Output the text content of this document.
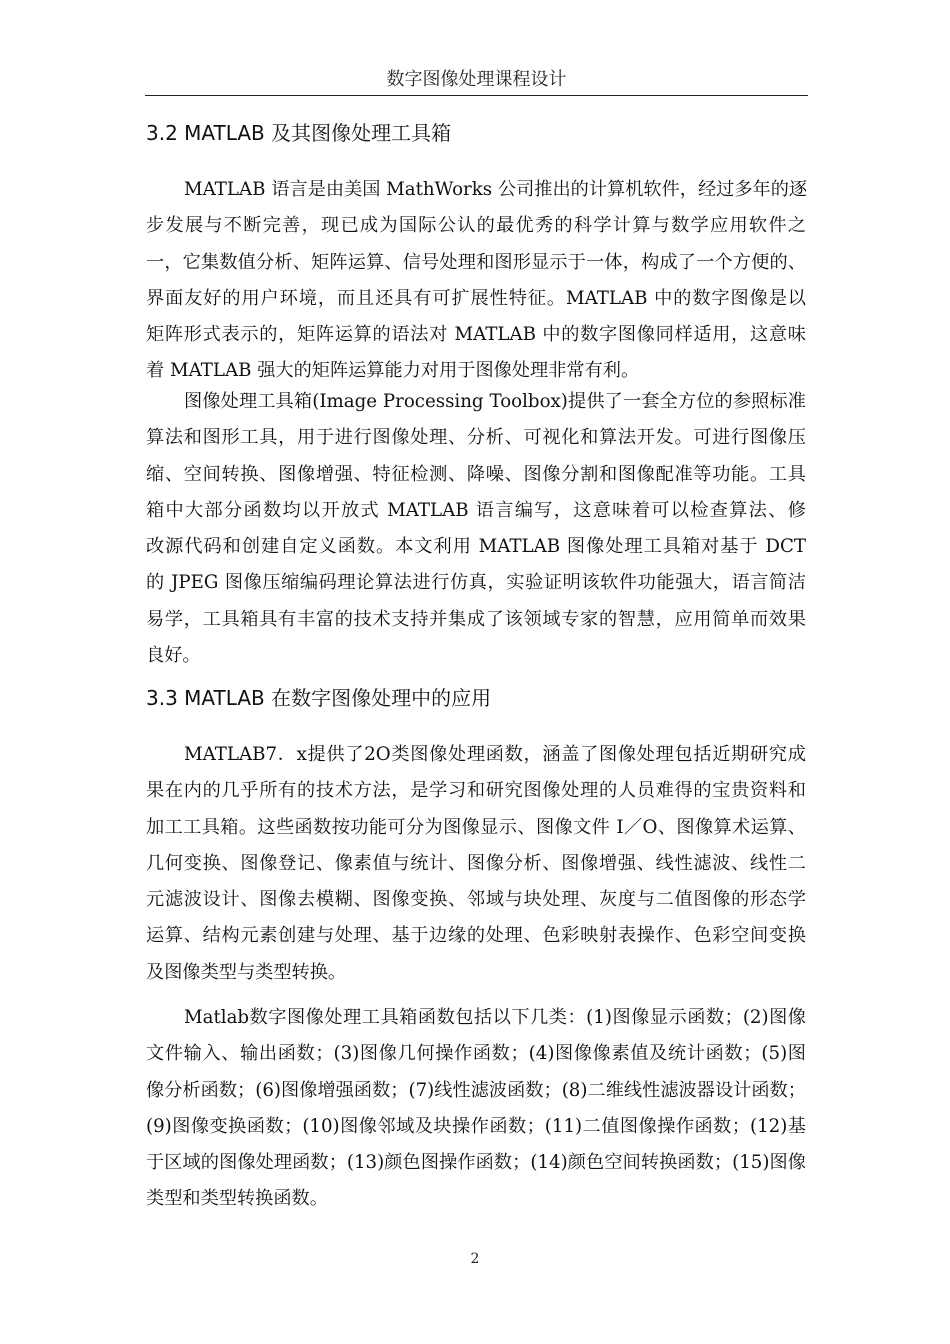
数字图像处理课程设计
3.2 MATLAB 及其图像处理工具箱
MATLAB 语言是由美国 MathWorks 公司推出的计算机软件，经过多年的逐
步发展与不断完善，现已成为国际公认的最优秀的科学计算与数学应用软件之
一，它集数值分析、矩阵运算、信号处理和图形显示于一体，构成了一个方便的、
界面友好的用户环境，而且还具有可扩展性特征。MATLAB 中的数字图像是以
矩阵形式表示的，矩阵运算的语法对 MATLAB 中的数字图像同样适用，这意味
着 MATLAB 强大的矩阵运算能力对用于图像处理非常有利。
图像处理工具箱(Image Processing Toolbox)提供了一套全方位的参照标准
算法和图形工具，用于进行图像处理、分析、可视化和算法开发。可进行图像压
缩、空间转换、图像增强、特征检测、降噪、图像分割和图像配准等功能。工具
箱中大部分函数均以开放式 MATLAB 语言编写，这意味着可以检查算法、修
改源代码和创建自定义函数。本文利用 MATLAB 图像处理工具箱对基于 DCT
的 JPEG 图像压缩编码理论算法进行仿真，实验证明该软件功能强大，语言简洁
易学，工具箱具有丰富的技术支持并集成了该领域专家的智慧，应用简单而效果
良好。
3.3 MATLAB 在数字图像处理中的应用
MATLAB7．x提供了2O类图像处理函数，涵盖了图像处理包括近期研究成
果在内的几乎所有的技术方法，是学习和研究图像处理的人员难得的宝贵资料和
加工工具箱。这些函数按功能可分为图像显示、图像文件 I／O、图像算术运算、
几何变换、图像登记、像素值与统计、图像分析、图像增强、线性滤波、线性二
元滤波设计、图像去模糊、图像变换、邻域与块处理、灰度与二值图像的形态学
运算、结构元素创建与处理、基于边缘的处理、色彩映射表操作、色彩空间变换
及图像类型与类型转换。
Matlab数字图像处理工具箱函数包括以下几类：(1)图像显示函数；(2)图像
文件输入、输出函数；(3)图像几何操作函数；(4)图像像素值及统计函数；(5)图
像分析函数；(6)图像增强函数；(7)线性滤波函数；(8)二维线性滤波器设计函数；
(9)图像变换函数；(10)图像邻域及块操作函数；(11)二值图像操作函数；(12)基
于区域的图像处理函数；(13)颜色图操作函数；(14)颜色空间转换函数；(15)图像
类型和类型转换函数。
2
